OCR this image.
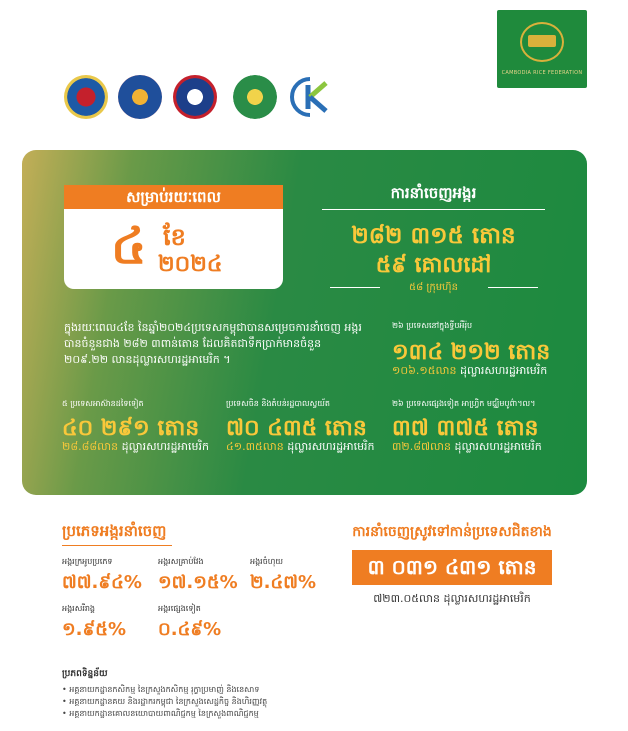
CAMBODIA RICE FEDERATION
សម្រាប់រយៈពេល
៤ ខែ
២០២៤
ការនាំចេញអង្ករ
២៨២ ៣១៥ តោន
៥៩ គោលដៅ
៥៨ ក្រុមហ៊ុន
ក្នុងរយៈពេល៤ខែ នៃឆ្នាំ២០២៤ប្រទេសកម្ពុជាបានសម្រេចការនាំចេញ អង្ករបានចំនួនជាង ២៨២ ៣ពាន់តោន ដែលគិតជាទឹកប្រាក់មានចំនួន ២០៩.២២ លានដុល្លារសហរដ្ឋអាមេរិក ។
២៦ ប្រទេសនៅក្នុងទ្វីបអឺរ៉ុប
១៣៤ ២១២ តោន
១០៦.១៥លាន ដុល្លារសហរដ្ឋអាមេរិក
៥ ប្រទេសអាស៊ានដទៃទៀត
៤០ ២៩១ តោន
២៨.៨៨លាន ដុល្លារសហរដ្ឋអាមេរិក
ប្រទេសចិន និងតំបន់រដ្ឋបាលស្វយ័ត
៧០ ៤៣៥ តោន
៤១.៣៥លាន ដុល្លារសហរដ្ឋអាមេរិក
២៦ ប្រទេសផ្សេងទៀត អាហ្វ្រិក មជ្ឈិមបូព៌ា។ល។
៣៧ ៣៧៥ តោន
៣២.៨៧លាន ដុល្លារសហរដ្ឋអាមេរិក
ប្រភេទអង្ករនាំចេញ
អង្ករក្រអូបប្រភេទ
៧៧.៩៤%
អង្ករសគ្រាប់វែង
១៧.១៥%
អង្ករចំហុយ
២.៤៧%
អង្ករសរីរាង្គ
១.៩៥%
អង្ករផ្សេងទៀត
០.៤៩%
ការនាំចេញស្រូវទៅកាន់ប្រទេសជិតខាង
៣ ០៣១ ៤៣១ តោន
៧២៣.០៥លាន ដុល្លារសហរដ្ឋអាមេរិក
ប្រភពទិន្នន័យ
• អគ្គនាយកដ្ឋានកសិកម្ម នៃក្រសួងកសិកម្ម រុក្ខាប្រមាញ់ និងនេសាទ
• អគ្គនាយកដ្ឋានគយ និងរដ្ឋាករកម្ពុជា នៃក្រសួងសេដ្ឋកិច្ច និងហិរញ្ញវត្ថុ
• អគ្គនាយកដ្ឋានគោលនយោបាយពាណិជ្ជកម្ម នៃក្រសួងពាណិជ្ជកម្ម
